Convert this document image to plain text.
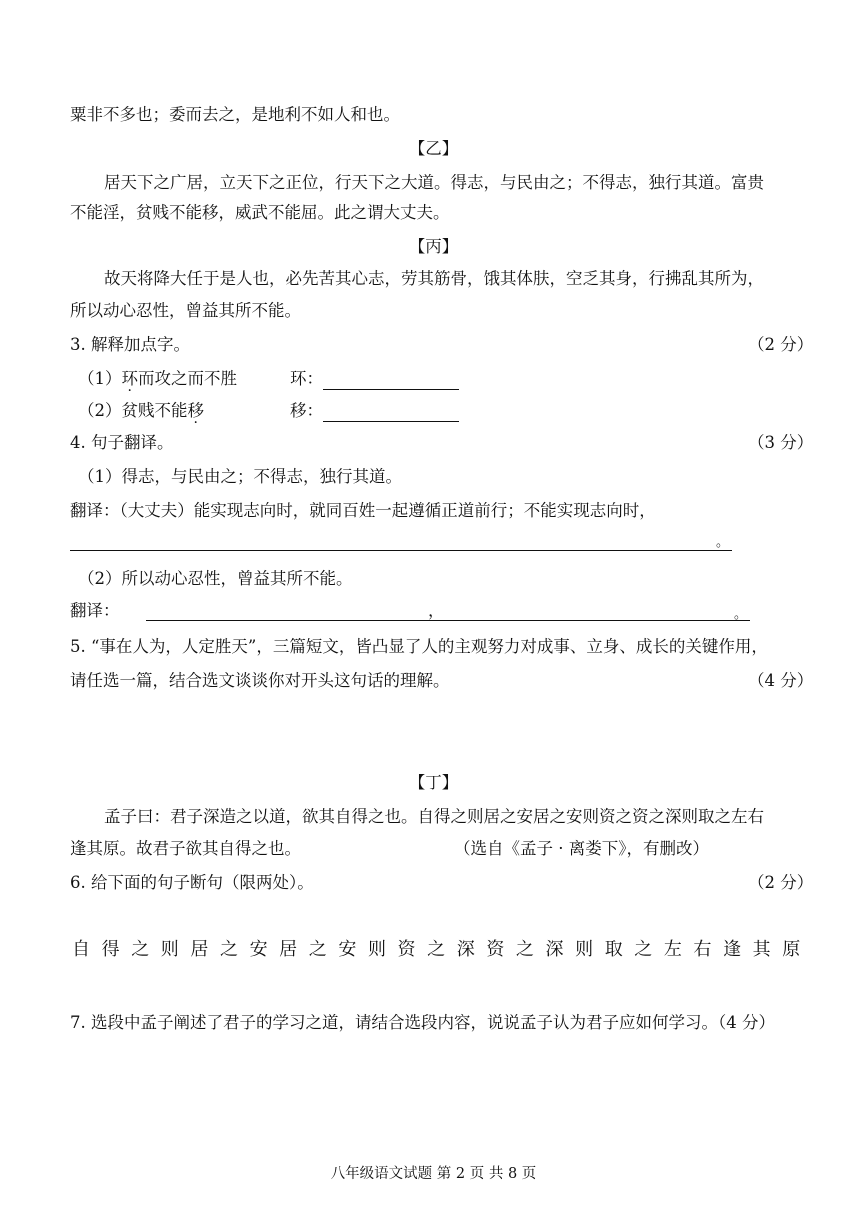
粟非不多也；委而去之，是地利不如人和也。
【乙】
居天下之广居，立天下之正位，行天下之大道。得志，与民由之；不得志，独行其道。富贵
不能淫，贫贱不能移，威武不能屈。此之谓大丈夫。
【丙】
故天将降大任于是人也，必先苦其心志，劳其筋骨，饿其体肤，空乏其身，行拂乱其所为，
所以动心忍性，曾益其所不能。
3. 解释加点字。	（2 分）
（1）环而攻之而不胜	环：
（2）贫贱不能移	移：
4. 句子翻译。	（3 分）
（1）得志，与民由之；不得志，独行其道。
翻译：（大丈夫）能实现志向时，就同百姓一起遵循正道前行；不能实现志向时，
。
（2）所以动心忍性，曾益其所不能。
翻译：	，	。
5. “事在人为，人定胜天”，三篇短文，皆凸显了人的主观努力对成事、立身、成长的关键作用，
请任选一篇，结合选文谈谈你对开头这句话的理解。	（4 分）
【丁】
孟子曰：君子深造之以道，欲其自得之也。自得之则居之安居之安则资之资之深则取之左右
逢其原。故君子欲其自得之也。	（选自《孟子 · 离娄下》，有删改）
6. 给下面的句子断句（限两处）。	（2 分）
自 得 之 则 居 之 安 居 之 安 则 资 之 深 资 之 深 则 取 之 左 右 逢 其 原
7. 选段中孟子阐述了君子的学习之道，请结合选段内容，说说孟子认为君子应如何学习。（4 分）
八年级语文试题 第 2 页 共 8 页
